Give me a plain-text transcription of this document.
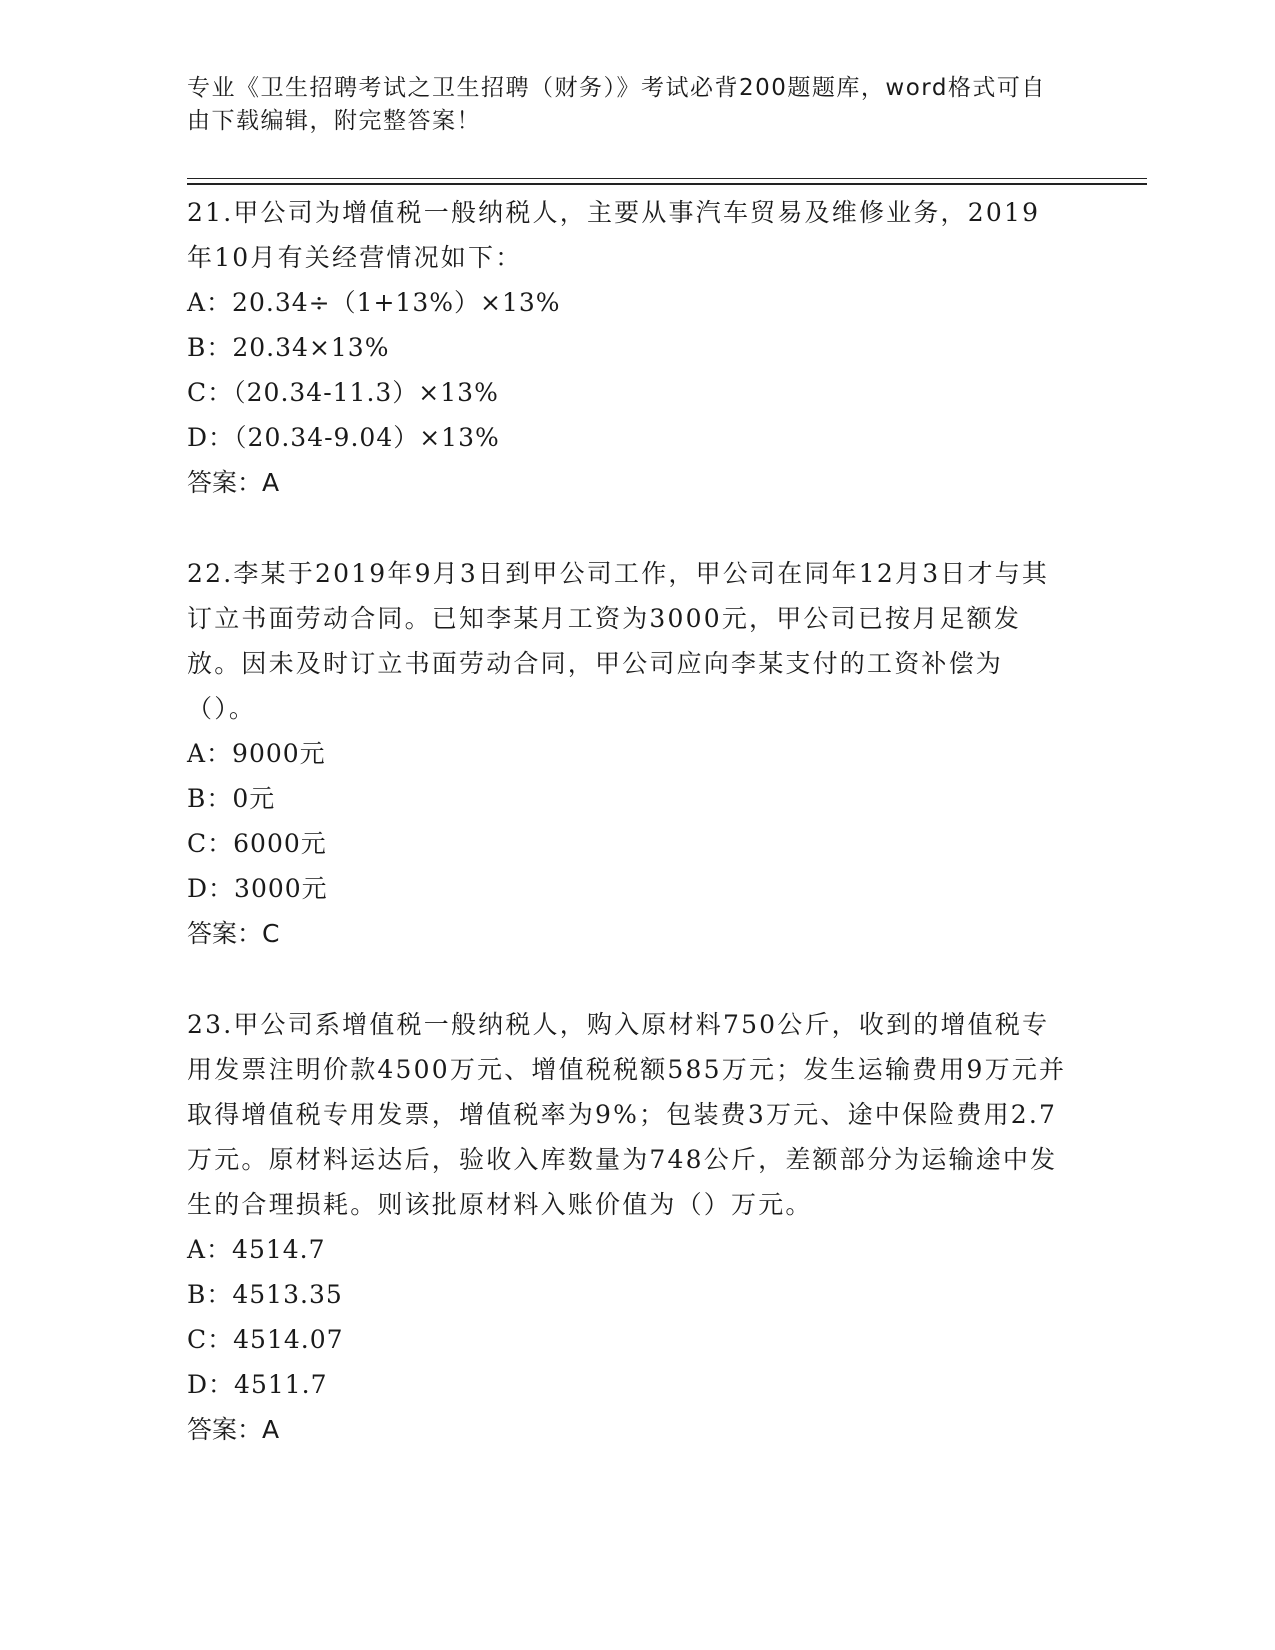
专业《卫生招聘考试之卫生招聘（财务）》考试必背200题题库，word格式可自由下载编辑，附完整答案！

21.甲公司为增值税一般纳税人，主要从事汽车贸易及维修业务，2019年10月有关经营情况如下：

A：20.34÷（1+13%）×13%

B：20.34×13%

C：（20.34-11.3）×13%

D：（20.34-9.04）×13%

答案：A

22.李某于2019年9月3日到甲公司工作，甲公司在同年12月3日才与其订立书面劳动合同。已知李某月工资为3000元，甲公司已按月足额发放。因未及时订立书面劳动合同，甲公司应向李某支付的工资补偿为（）。

A：9000元

B：0元

C：6000元

D：3000元

答案：C

23.甲公司系增值税一般纳税人，购入原材料750公斤，收到的增值税专用发票注明价款4500万元、增值税税额585万元；发生运输费用9万元并取得增值税专用发票，增值税率为9%；包装费3万元、途中保险费用2.7万元。原材料运达后，验收入库数量为748公斤，差额部分为运输途中发生的合理损耗。则该批原材料入账价值为（）万元。

A：4514.7

B：4513.35

C：4514.07

D：4511.7

答案：A
